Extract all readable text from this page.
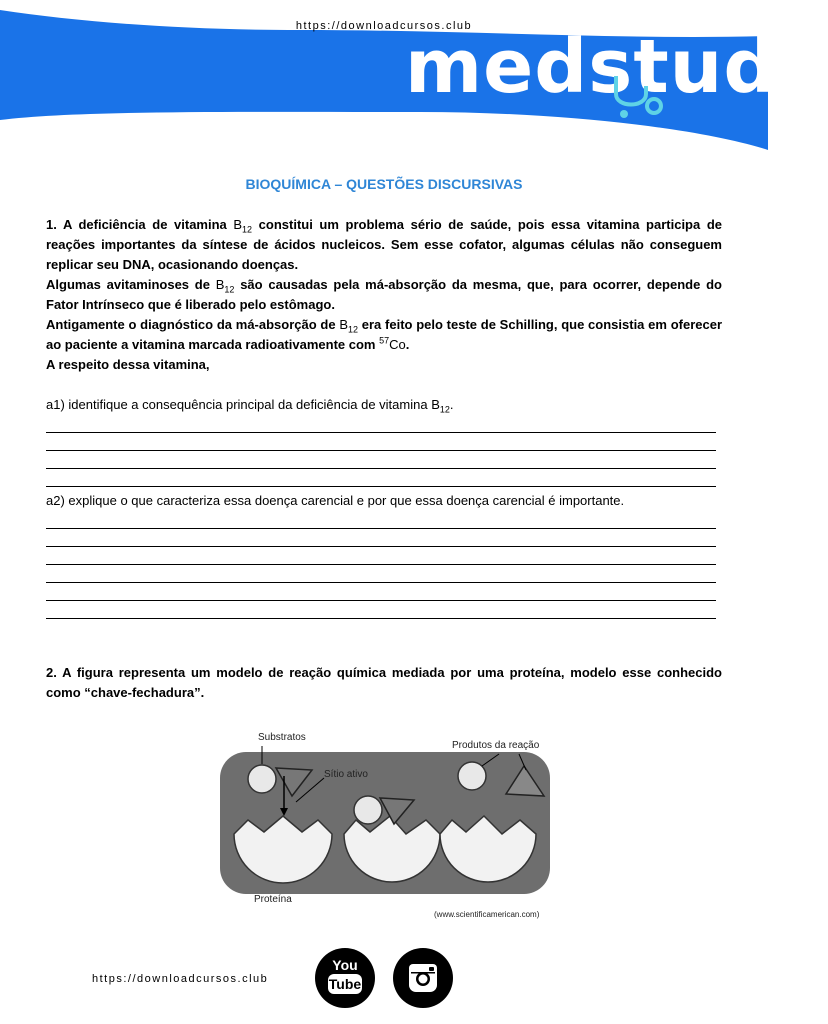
https://downloadcursos.club
medstuda
BIOQUÍMICA – QUESTÕES DISCURSIVAS
1. A deficiência de vitamina $B_{12}$ constitui um problema sério de saúde, pois essa vitamina participa de reações importantes da síntese de ácidos nucleicos. Sem esse cofator, algumas células não conseguem replicar seu DNA, ocasionando doenças.
Algumas avitaminoses de $B_{12}$ são causadas pela má-absorção da mesma, que, para ocorrer, depende do Fator Intrínseco que é liberado pelo estômago.
Antigamente o diagnóstico da má-absorção de $B_{12}$ era feito pelo teste de Schilling, que consistia em oferecer ao paciente a vitamina marcada radioativamente com $^{57}$Co.
A respeito dessa vitamina,
a1) identifique a consequência principal da deficiência de vitamina $B_{12}$.
a2) explique o que caracteriza essa doença carencial e por que essa doença carencial é importante.
2. A figura representa um modelo de reação química mediada por uma proteína, modelo esse conhecido como “chave-fechadura”.
Substratos
Sítio ativo
Produtos da reação
Proteína
(www.scientificamerican.com)
https://downloadcursos.club
You
Tube
